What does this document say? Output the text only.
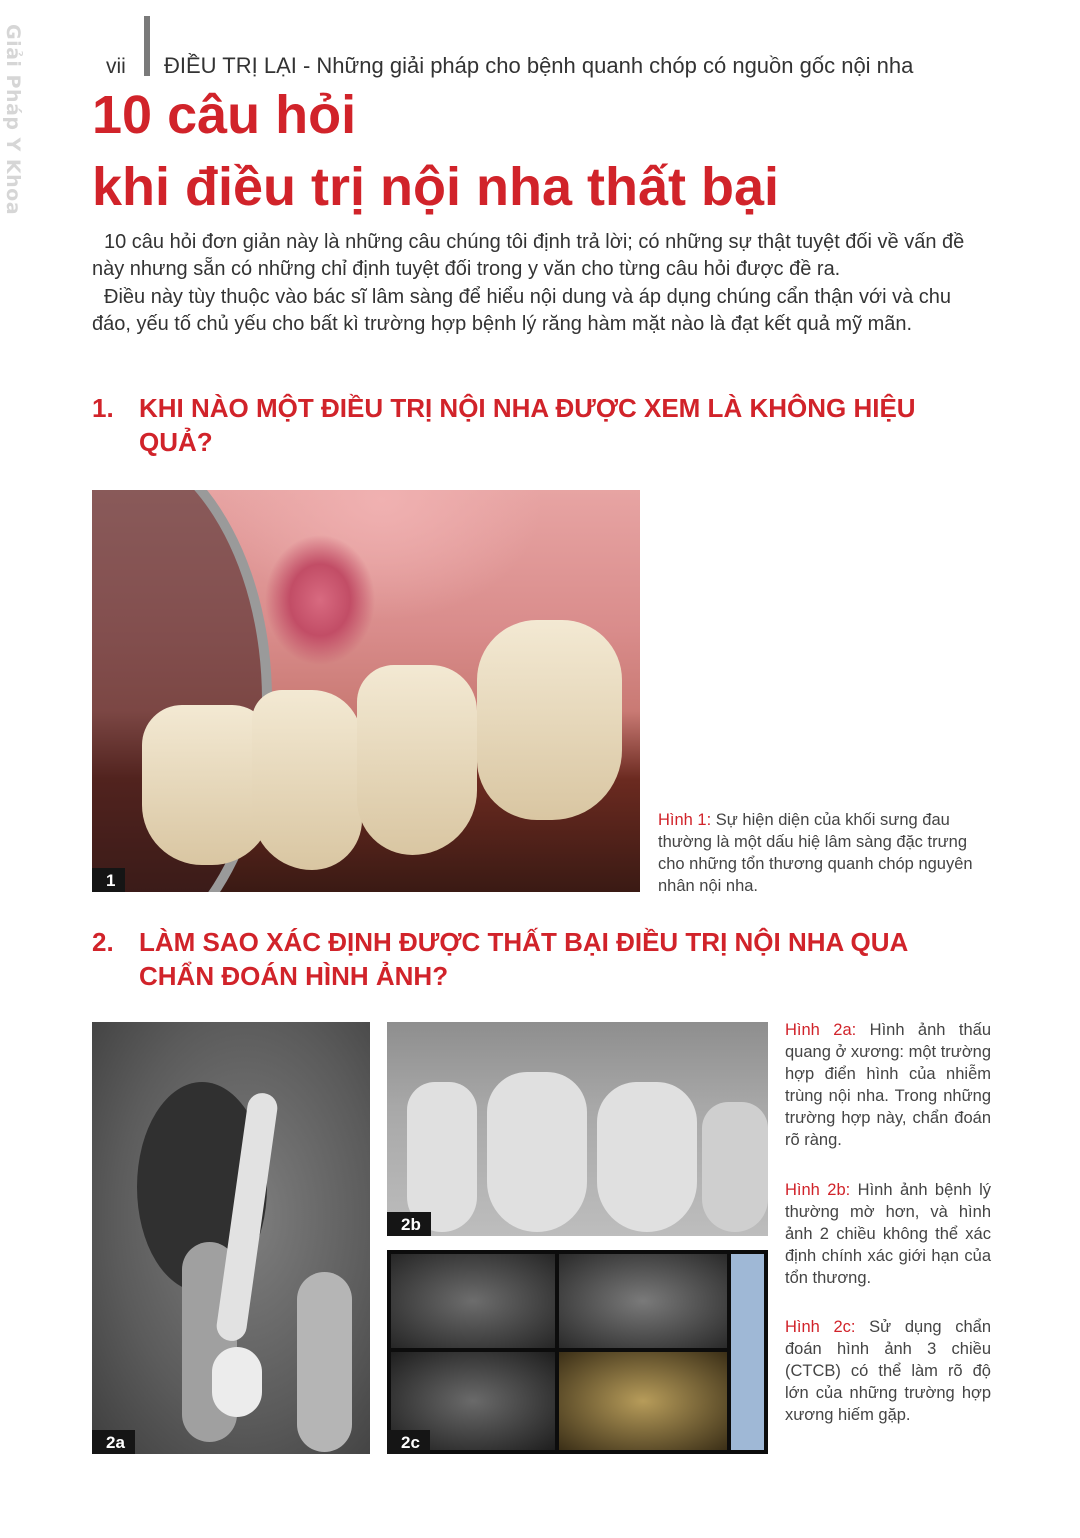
Giải Pháp Y Khoa	vii ĐIỀU TRỊ LẠI - Những giải pháp cho bệnh quanh chóp có nguồn gốc nội nha
10 câu hỏi
khi điều trị nội nha thất bại

10 câu hỏi đơn giản này là những câu chúng tôi định trả lời; có những sự thật tuyệt đối về vấn đề này nhưng sẵn có những chỉ định tuyệt đối trong y văn cho từng câu hỏi được đề ra.

Điều này tùy thuộc vào bác sĩ lâm sàng để hiểu nội dung và áp dụng chúng cẩn thận với và chu đáo, yếu tố chủ yếu cho bất kì trường hợp bệnh lý răng hàm mặt nào là đạt kết quả mỹ mãn.

1. KHI NÀO MỘT ĐIỀU TRỊ NỘI NHA ĐƯỢC XEM LÀ KHÔNG HIỆU QUẢ?
1
Hình 1: Sự hiện diện của khối sưng đau thường là một dấu hiệ lâm sàng đặc trưng cho những tổn thương quanh chóp nguyên nhân nội nha.
2. LÀM SAO XÁC ĐỊNH ĐƯỢC THẤT BẠI ĐIỀU TRỊ NỘI NHA QUA CHẨN ĐOÁN HÌNH ẢNH?
2a
2b
2c
Hình 2a: Hình ảnh thấu quang ở xương: một trường hợp điển hình của nhiễm trùng nội nha. Trong những trường hợp này, chẩn đoán rõ ràng.
Hình 2b: Hình ảnh bệnh lý thường mờ hơn, và hình ảnh 2 chiều không thể xác định chính xác giới hạn của tổn thương.
Hình 2c: Sử dụng chẩn đoán hình ảnh 3 chiều (CTCB) có thể làm rõ độ lớn của những trường hợp xương hiếm gặp.
